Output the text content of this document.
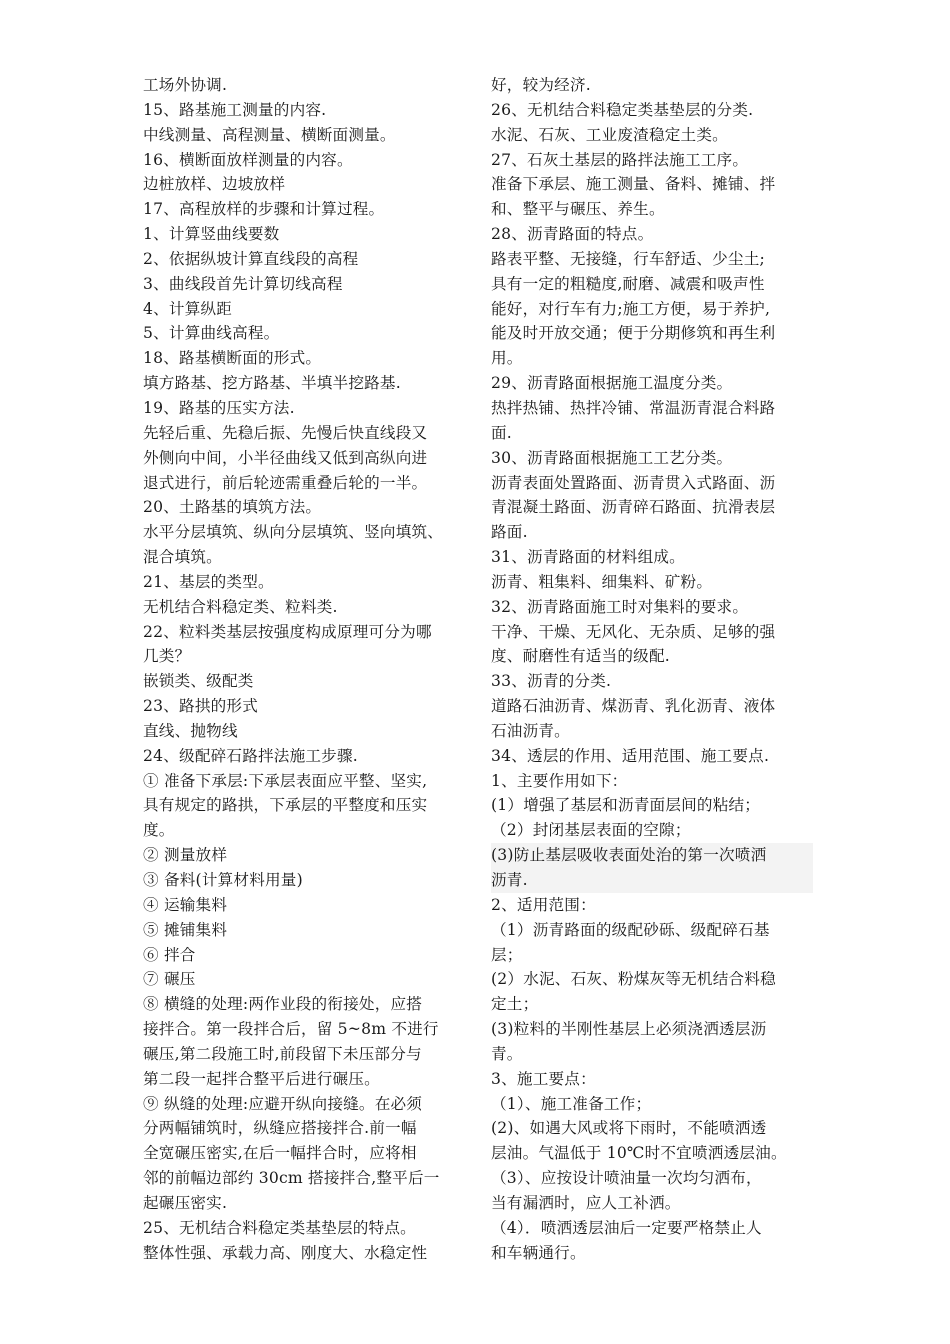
工场外协调.
15、路基施工测量的内容.
中线测量、高程测量、横断面测量。
16、横断面放样测量的内容。
边桩放样、边坡放样
17、高程放样的步骤和计算过程。
1、计算竖曲线要数
2、依据纵坡计算直线段的高程
3、曲线段首先计算切线高程
4、计算纵距
5、计算曲线高程。
18、路基横断面的形式。
填方路基、挖方路基、半填半挖路基.
19、路基的压实方法.
先轻后重、先稳后振、先慢后快直线段又
外侧向中间，小半径曲线又低到高纵向进
退式进行，前后轮迹需重叠后轮的一半。
20、土路基的填筑方法。
水平分层填筑、纵向分层填筑、竖向填筑、
混合填筑。
21、基层的类型。
无机结合料稳定类、粒料类.
22、粒料类基层按强度构成原理可分为哪
几类？
嵌锁类、级配类
23、路拱的形式
直线、抛物线
24、级配碎石路拌法施工步骤.
① 准备下承层:下承层表面应平整、坚实,
具有规定的路拱，下承层的平整度和压实
度。
② 测量放样
③ 备料(计算材料用量)
④ 运输集料
⑤ 摊铺集料
⑥ 拌合
⑦ 碾压
⑧ 横缝的处理:两作业段的衔接处，应搭
接拌合。第一段拌合后，留 5~8m 不进行
碾压,第二段施工时,前段留下未压部分与
第二段一起拌合整平后进行碾压。
⑨ 纵缝的处理:应避开纵向接缝。在必须
分两幅铺筑时，纵缝应搭接拌合.前一幅
全宽碾压密实,在后一幅拌合时，应将相
邻的前幅边部约 30cm 搭接拌合,整平后一
起碾压密实.
25、无机结合料稳定类基垫层的特点。
整体性强、承载力高、刚度大、水稳定性
好，较为经济.
26、无机结合料稳定类基垫层的分类.
水泥、石灰、工业废渣稳定土类。
27、石灰土基层的路拌法施工工序。
准备下承层、施工测量、备料、摊铺、拌
和、整平与碾压、养生。
28、沥青路面的特点。
路表平整、无接缝，行车舒适、少尘土;
具有一定的粗糙度,耐磨、减震和吸声性
能好，对行车有力;施工方便，易于养护,
能及时开放交通；便于分期修筑和再生利
用。
29、沥青路面根据施工温度分类。
热拌热铺、热拌冷铺、常温沥青混合料路
面.
30、沥青路面根据施工工艺分类。
沥青表面处置路面、沥青贯入式路面、沥
青混凝土路面、沥青碎石路面、抗滑表层
路面.
31、沥青路面的材料组成。
沥青、粗集料、细集料、矿粉。
32、沥青路面施工时对集料的要求。
干净、干燥、无风化、无杂质、足够的强
度、耐磨性有适当的级配.
33、沥青的分类.
道路石油沥青、煤沥青、乳化沥青、液体
石油沥青。
34、透层的作用、适用范围、施工要点.
1、主要作用如下：
(1）增强了基层和沥青面层间的粘结；
（2）封闭基层表面的空隙；
(3)防止基层吸收表面处治的第一次喷洒
沥青.
2、适用范围：
（1）沥青路面的级配砂砾、级配碎石基
层；
(2）水泥、石灰、粉煤灰等无机结合料稳
定土；
(3)粒料的半刚性基层上必须浇洒透层沥
青。
3、施工要点：
（1）、施工准备工作；
(2)、如遇大风或将下雨时，不能喷洒透
层油。气温低于 10℃时不宜喷洒透层油。
（3）、应按设计喷油量一次均匀洒布，
当有漏洒时，应人工补洒。
（4）．喷洒透层油后一定要严格禁止人
和车辆通行。
